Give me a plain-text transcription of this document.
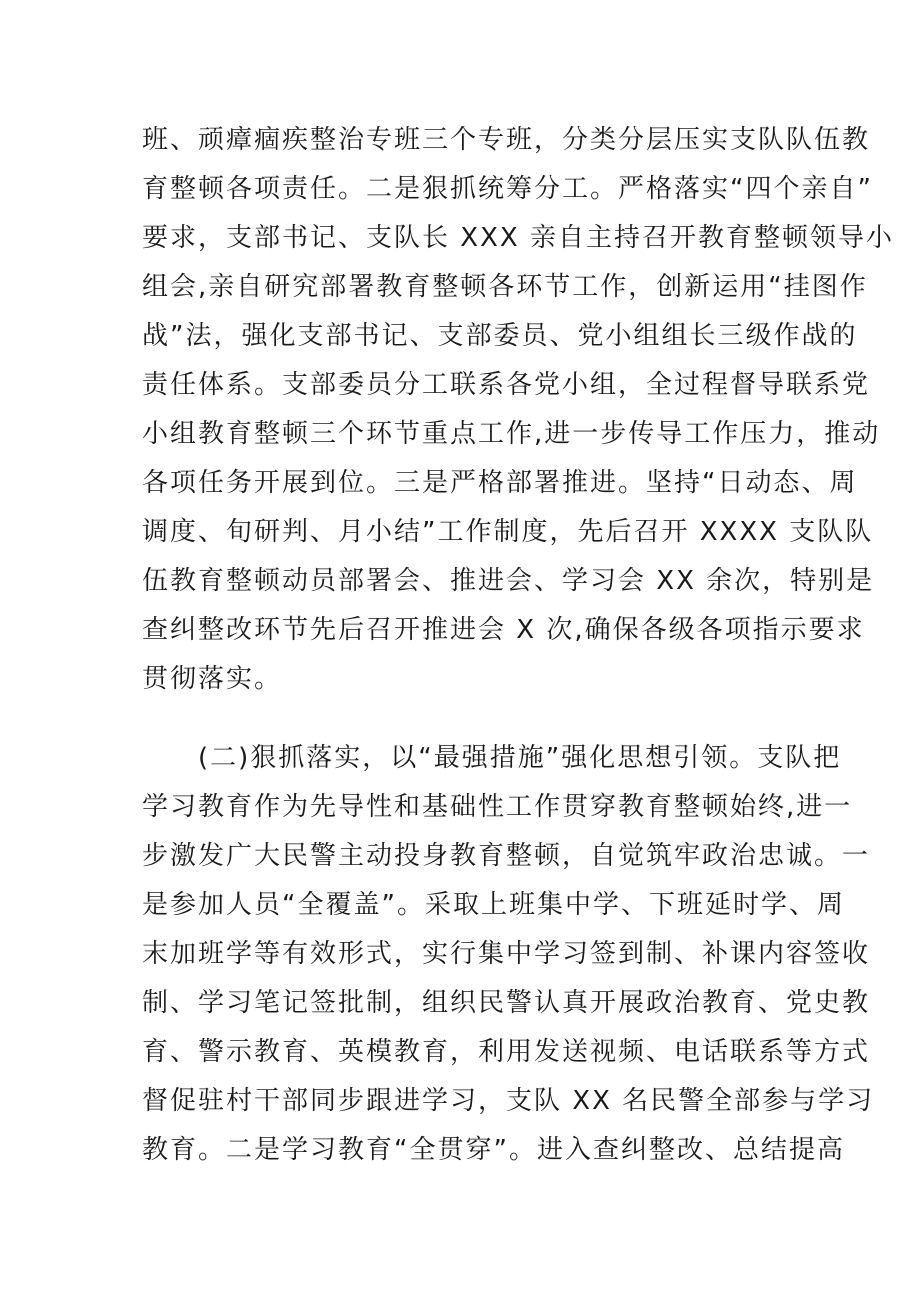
班、顽瘴痼疾整治专班三个专班，分类分层压实支队队伍教
育整顿各项责任。二是狠抓统筹分工。严格落实“四个亲自”
要求，支部书记、支队长 XXX 亲自主持召开教育整顿领导小
组会,亲自研究部署教育整顿各环节工作，创新运用“挂图作
战”法，强化支部书记、支部委员、党小组组长三级作战的
责任体系。支部委员分工联系各党小组，全过程督导联系党
小组教育整顿三个环节重点工作,进一步传导工作压力，推动
各项任务开展到位。三是严格部署推进。坚持“日动态、周
调度、旬研判、月小结”工作制度，先后召开 XXXX 支队队
伍教育整顿动员部署会、推进会、学习会 XX 余次，特别是
查纠整改环节先后召开推进会 X 次,确保各级各项指示要求
贯彻落实。
　　(二)狠抓落实，以“最强措施”强化思想引领。支队把
学习教育作为先导性和基础性工作贯穿教育整顿始终,进一
步激发广大民警主动投身教育整顿，自觉筑牢政治忠诚。一
是参加人员“全覆盖”。采取上班集中学、下班延时学、周
末加班学等有效形式，实行集中学习签到制、补课内容签收
制、学习笔记签批制，组织民警认真开展政治教育、党史教
育、警示教育、英模教育，利用发送视频、电话联系等方式
督促驻村干部同步跟进学习，支队 XX 名民警全部参与学习
教育。二是学习教育“全贯穿”。进入查纠整改、总结提高
